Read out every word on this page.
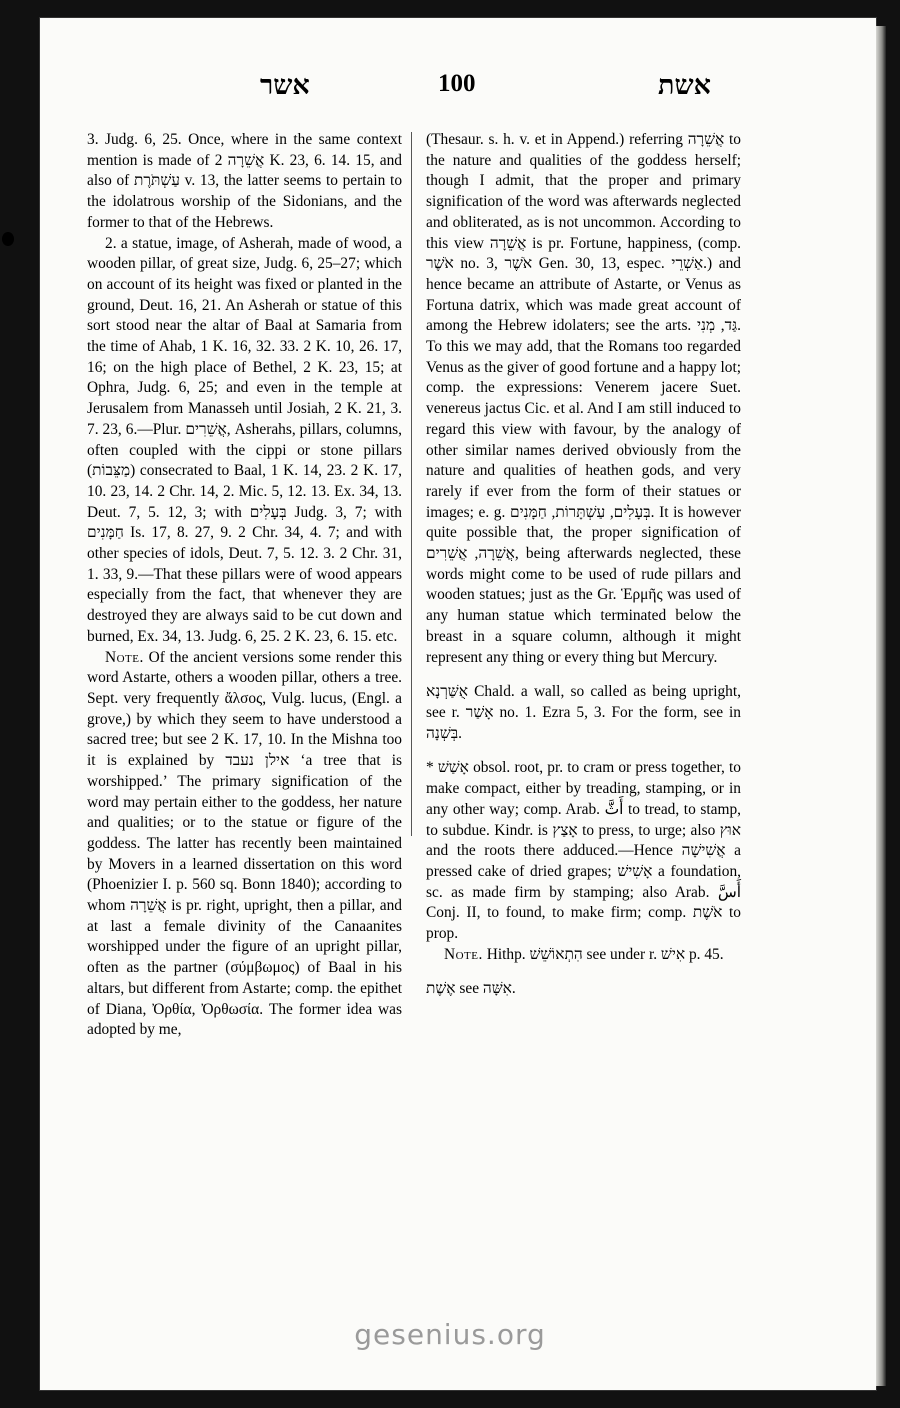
אשר	100	אשת

3. Judg. 6, 25. Once, where in the same context mention is made of אֲשֵׁרָה 2 K. 23, 6. 14. 15, and also of עַשְׁתֹּרֶת v. 13, the latter seems to pertain to the idolatrous worship of the Sidonians, and the former to that of the Hebrews.

2. a statue, image, of Asherah, made of wood, a wooden pillar, of great size, Judg. 6, 25–27; which on account of its height was fixed or planted in the ground, Deut. 16, 21. An Asherah or statue of this sort stood near the altar of Baal at Samaria from the time of Ahab, 1 K. 16, 32. 33. 2 K. 10, 26. 17, 16; on the high place of Bethel, 2 K. 23, 15; at Ophra, Judg. 6, 25; and even in the temple at Jerusalem from Manasseh until Josiah, 2 K. 21, 3. 7. 23, 6.—Plur. אֲשֵׁרִים, Asherahs, pillars, columns, often coupled with the cippi or stone pillars (מַצֵּבוֹת) consecrated to Baal, 1 K. 14, 23. 2 K. 17, 10. 23, 14. 2 Chr. 14, 2. Mic. 5, 12. 13. Ex. 34, 13. Deut. 7, 5. 12, 3; with בְּעָלִים Judg. 3, 7; with חַמָּנִים Is. 17, 8. 27, 9. 2 Chr. 34, 4. 7; and with other species of idols, Deut. 7, 5. 12. 3. 2 Chr. 31, 1. 33, 9.—That these pillars were of wood appears especially from the fact, that whenever they are destroyed they are always said to be cut down and burned, Ex. 34, 13. Judg. 6, 25. 2 K. 23, 6. 15. etc.

Note. Of the ancient versions some render this word Astarte, others a wooden pillar, others a tree. Sept. very frequently ἄλσος, Vulg. lucus, (Engl. a grove,) by which they seem to have understood a sacred tree; but see 2 K. 17, 10. In the Mishna too it is explained by אילן נעבד ‘a tree that is worshipped.’ The primary signification of the word may pertain either to the goddess, her nature and qualities; or to the statue or figure of the goddess. The latter has recently been maintained by Movers in a learned dissertation on this word (Phoenizier I. p. 560 sq. Bonn 1840); according to whom אֲשֵׁרָה is pr. right, upright, then a pillar, and at last a female divinity of the Canaanites worshipped under the figure of an upright pillar, often as the partner (σύμβωμος) of Baal in his altars, but different from Astarte; comp. the epithet of Diana, Ὀρθία, Ὀρθωσία. The former idea was adopted by me,

(Thesaur. s. h. v. et in Append.) referring אֲשֵׁרָה to the nature and qualities of the goddess herself; though I admit, that the proper and primary signification of the word was afterwards neglected and obliterated, as is not uncommon. According to this view אֲשֵׁרָה is pr. Fortune, happiness, (comp. אֹשֶׁר no. 3, אֹשֶׁר Gen. 30, 13, espec. אַשְׁרֵי.) and hence became an attribute of Astarte, or Venus as Fortuna datrix, which was made great account of among the Hebrew idolaters; see the arts. גַּד, מְנִי. To this we may add, that the Romans too regarded Venus as the giver of good fortune and a happy lot; comp. the expressions: Venerem jacere Suet. venereus jactus Cic. et al. And I am still induced to regard this view with favour, by the analogy of other similar names derived obviously from the nature and qualities of heathen gods, and very rarely if ever from the form of their statues or images; e. g. בְּעָלִים, עַשְׁתָּרוֹת, חַמָּנִים. It is however quite possible that, the proper signification of אֲשֵׁרָה, אֲשֵׁרִים, being afterwards neglected, these words might come to be used of rude pillars and wooden statues; just as the Gr. Ἑρμῆς was used of any human statue which terminated below the breast in a square column, although it might represent any thing or every thing but Mercury.

אֻשַּׁרְנָא Chald. a wall, so called as being upright, see r. אָשַׁר no. 1. Ezra 5, 3. For the form, see in בְּשְׁנָה.

* אָשַׁשׁ obsol. root, pr. to cram or press together, to make compact, either by treading, stamping, or in any other way; comp. Arab. أَثَّ to tread, to stamp, to subdue. Kindr. is אָצַץ to press, to urge; also אוּץ and the roots there adduced.—Hence אֲשִׁישָׁה a pressed cake of dried grapes; אָשִׁישׁ a foundation, sc. as made firm by stamping; also Arab. أَسَّ Conj. II, to found, to make firm; comp. אֹשֶׁת to prop.

Note. Hithp. הִתְאוֹשֵׁשׁ see under r. אִישׁ p. 45.

אֶשֶׁת see אִשָּׁה.

gesenius.org
